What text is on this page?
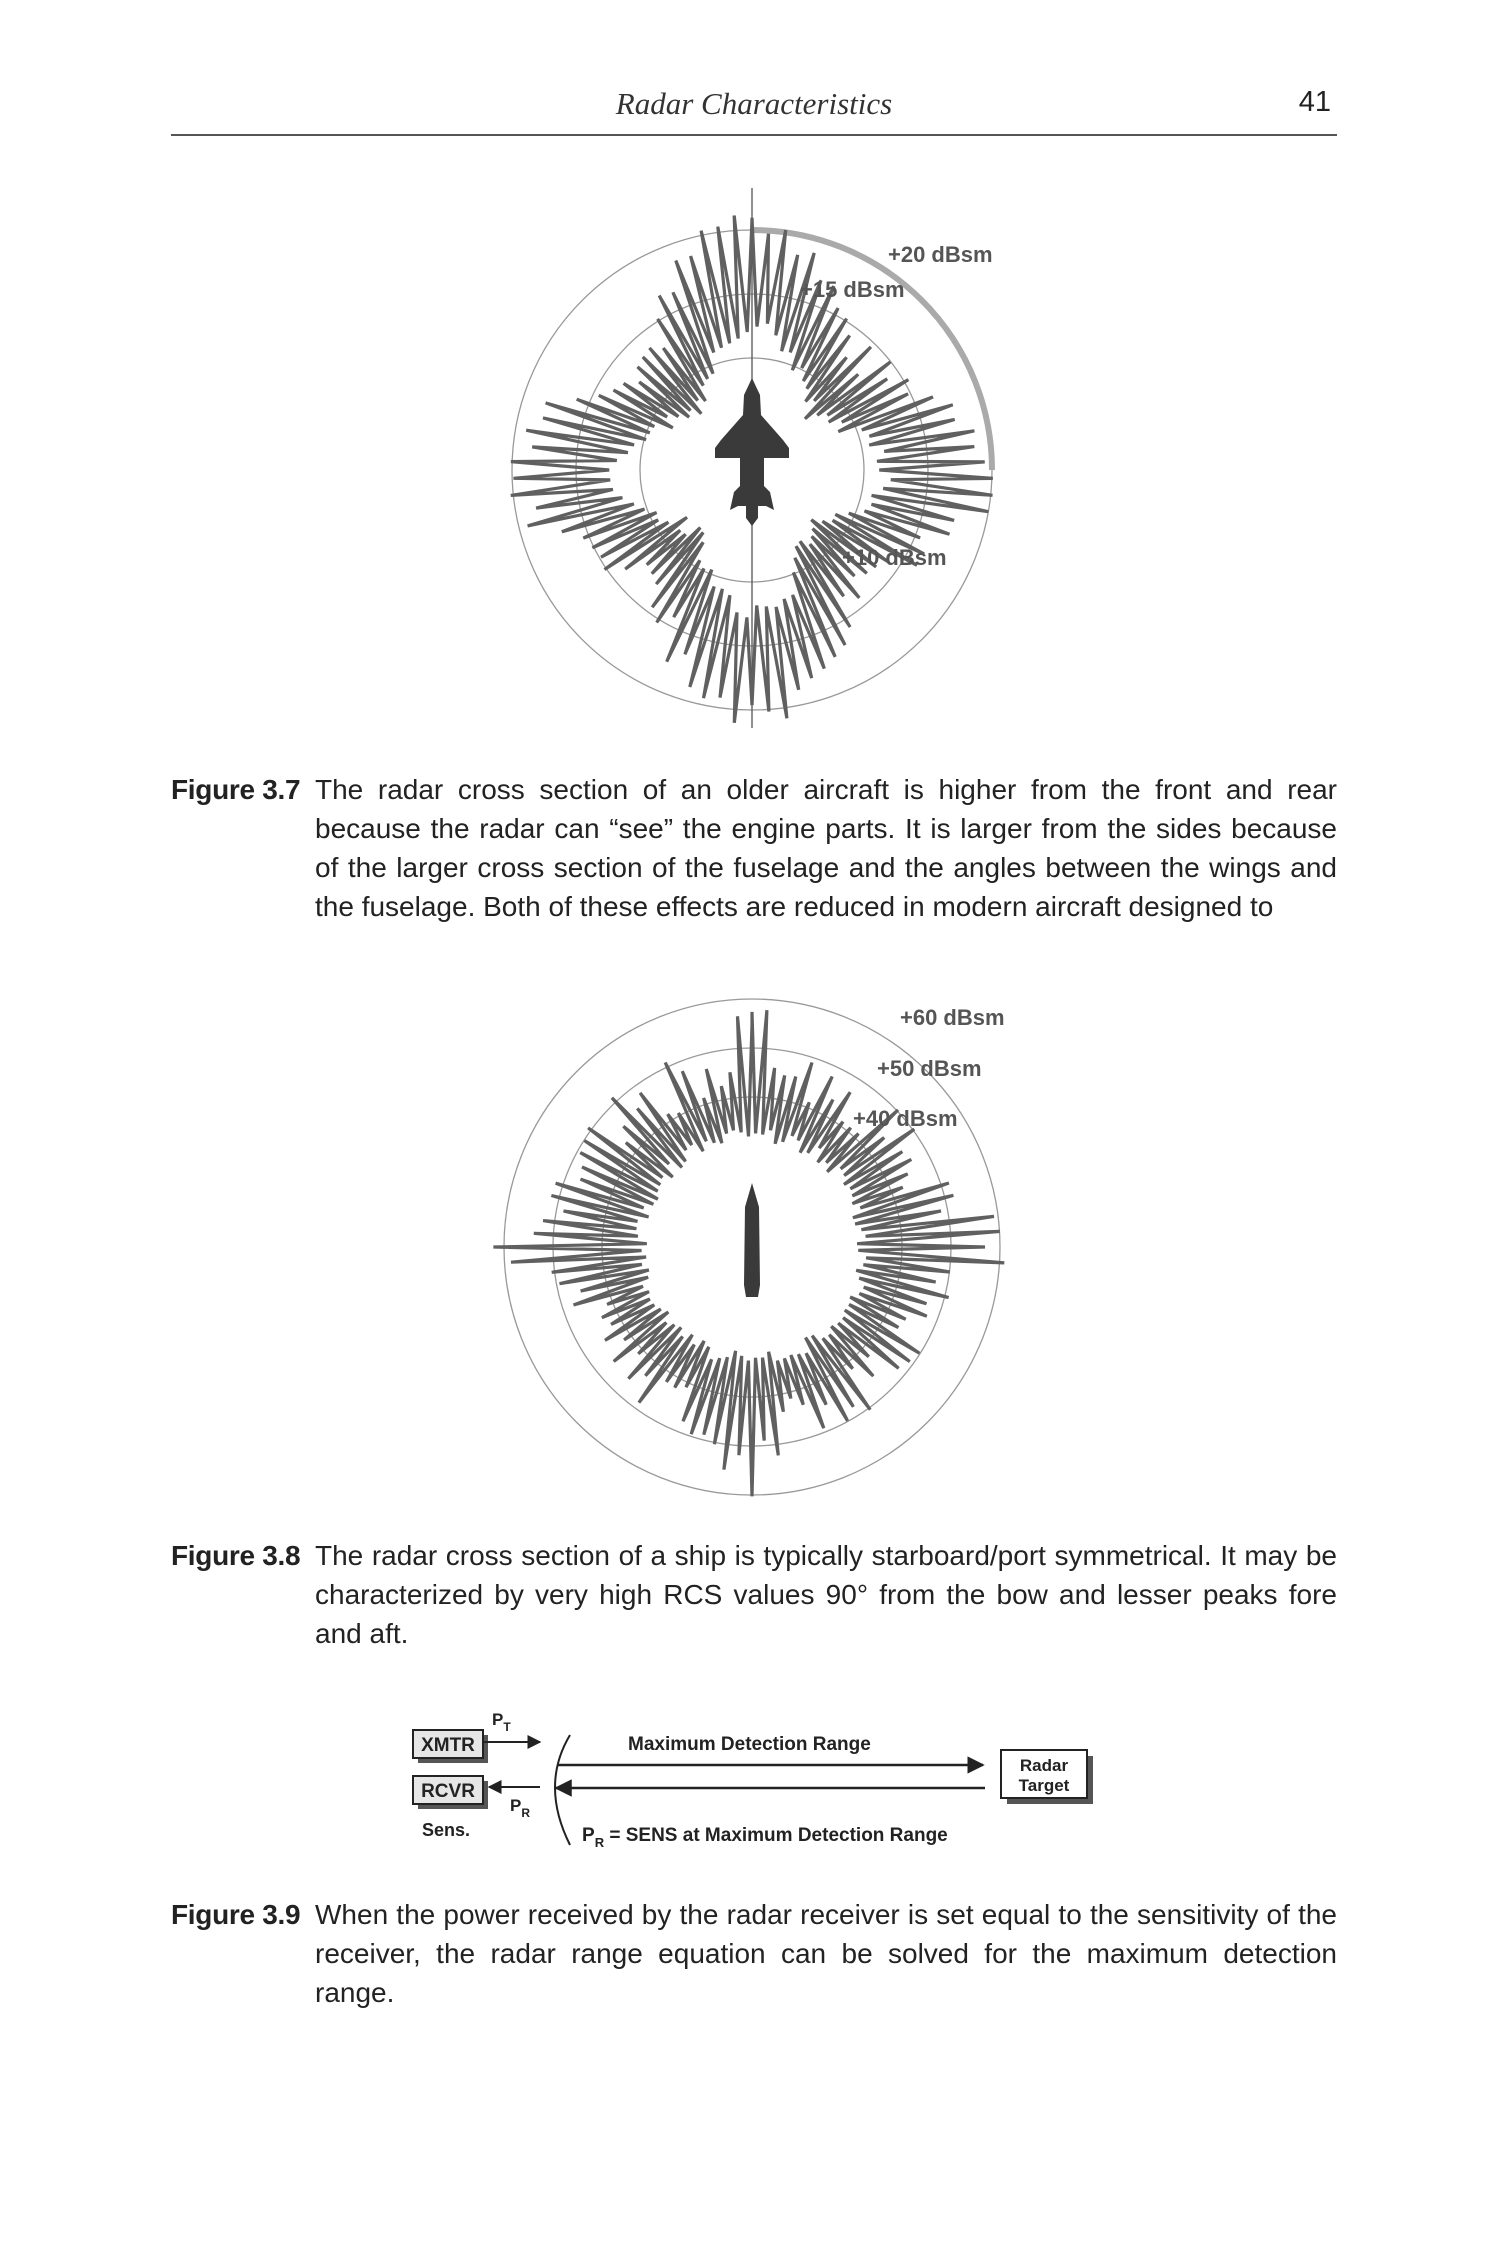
Radar Characteristics	41
+20 dBsm
+15 dBsm
+10 dBsm
Figure 3.7 The radar cross section of an older aircraft is higher from the front and rear because the radar can “see” the engine parts. It is larger from the sides because of the larger cross section of the fuselage and the angles between the wings and the fuselage. Both of these effects are reduced in modern aircraft designed to
+60 dBsm
+50 dBsm
+40 dBsm
Figure 3.8 The radar cross section of a ship is typically starboard/port symmetrical. It may be characterized by very high RCS values 90° from the bow and lesser peaks fore and aft.
XMTR
RCVR
Sens.
$P_T$
$P_R$
Maximum Detection Range
Radar
Target
$P_R$ = SENS at Maximum Detection Range
Figure 3.9 When the power received by the radar receiver is set equal to the sensitivity of the receiver, the radar range equation can be solved for the maximum detection range.
